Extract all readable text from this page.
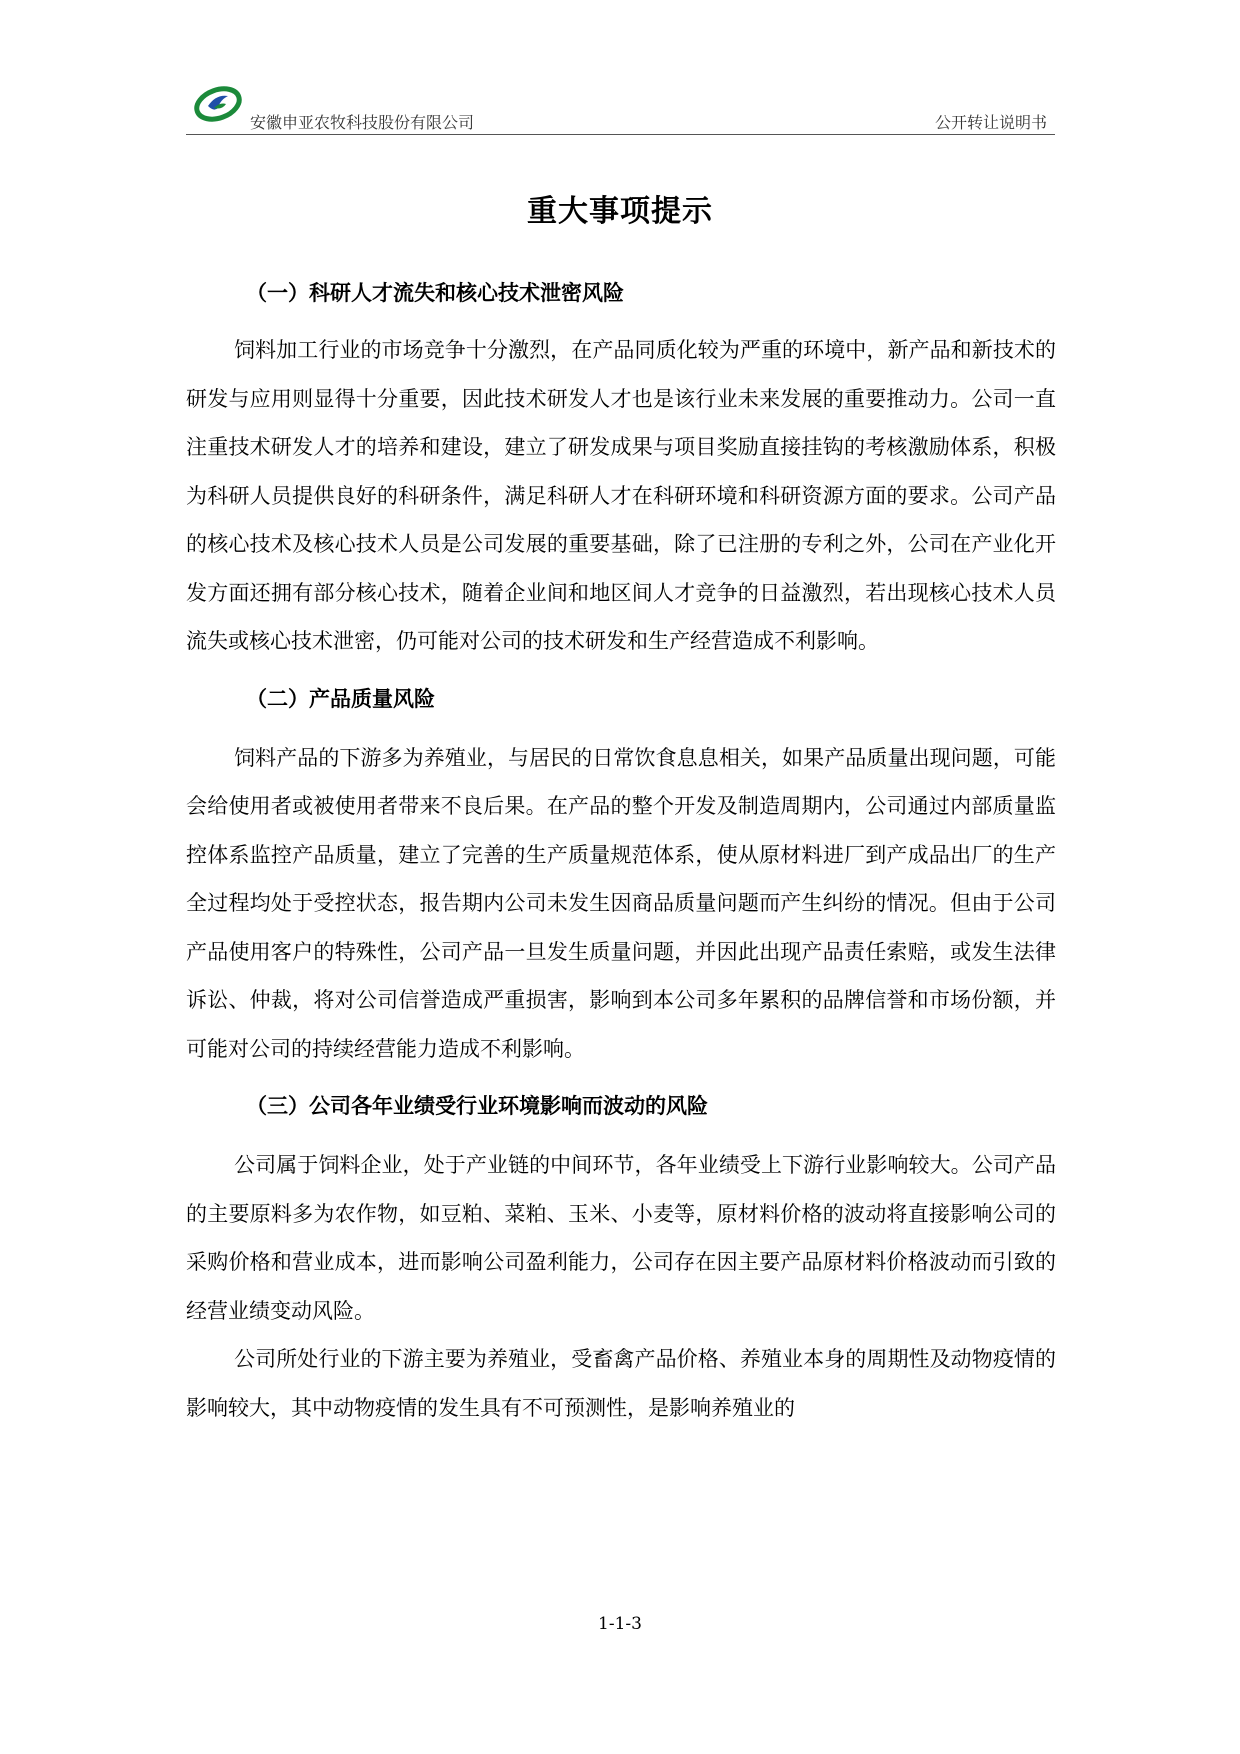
安徽申亚农牧科技股份有限公司	公开转让说明书
重大事项提示
（一）科研人才流失和核心技术泄密风险

饲料加工行业的市场竞争十分激烈，在产品同质化较为严重的环境中，新产品和新技术的研发与应用则显得十分重要，因此技术研发人才也是该行业未来发展的重要推动力。公司一直注重技术研发人才的培养和建设，建立了研发成果与项目奖励直接挂钩的考核激励体系，积极为科研人员提供良好的科研条件，满足科研人才在科研环境和科研资源方面的要求。公司产品的核心技术及核心技术人员是公司发展的重要基础，除了已注册的专利之外，公司在产业化开发方面还拥有部分核心技术，随着企业间和地区间人才竞争的日益激烈，若出现核心技术人员流失或核心技术泄密，仍可能对公司的技术研发和生产经营造成不利影响。

（二）产品质量风险

饲料产品的下游多为养殖业，与居民的日常饮食息息相关，如果产品质量出现问题，可能会给使用者或被使用者带来不良后果。在产品的整个开发及制造周期内，公司通过内部质量监控体系监控产品质量，建立了完善的生产质量规范体系，使从原材料进厂到产成品出厂的生产全过程均处于受控状态，报告期内公司未发生因商品质量问题而产生纠纷的情况。但由于公司产品使用客户的特殊性，公司产品一旦发生质量问题，并因此出现产品责任索赔，或发生法律诉讼、仲裁，将对公司信誉造成严重损害，影响到本公司多年累积的品牌信誉和市场份额，并可能对公司的持续经营能力造成不利影响。

（三）公司各年业绩受行业环境影响而波动的风险

公司属于饲料企业，处于产业链的中间环节，各年业绩受上下游行业影响较大。公司产品的主要原料多为农作物，如豆粕、菜粕、玉米、小麦等，原材料价格的波动将直接影响公司的采购价格和营业成本，进而影响公司盈利能力，公司存在因主要产品原材料价格波动而引致的经营业绩变动风险。

公司所处行业的下游主要为养殖业，受畜禽产品价格、养殖业本身的周期性及动物疫情的影响较大，其中动物疫情的发生具有不可预测性，是影响养殖业的

1-1-3
